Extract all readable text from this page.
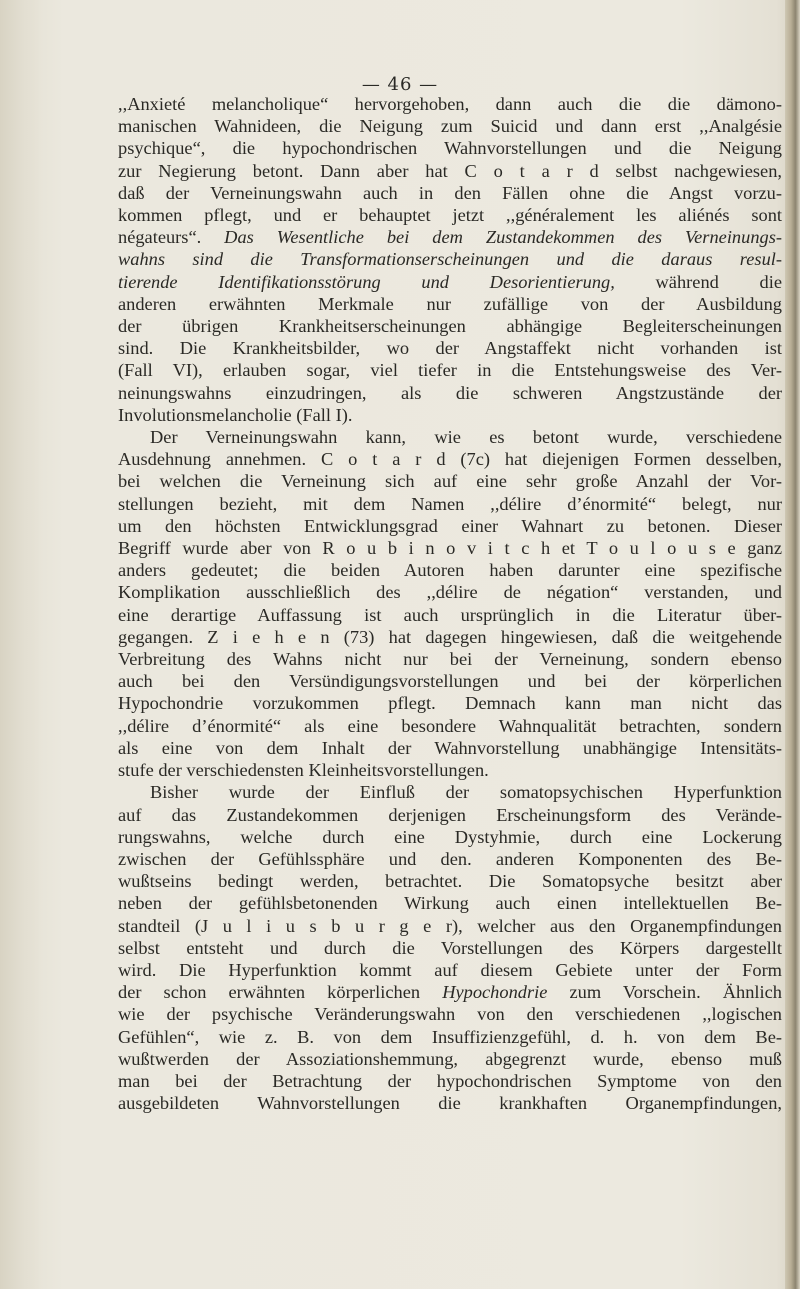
— 46 —
,,Anxieté melancholique“ hervorgehoben, dann auch die die dämono-
manischen Wahnideen, die Neigung zum Suicid und dann erst ,,Analgésie
psychique“, die hypochondrischen Wahnvorstellungen und die Neigung
zur Negierung betont. Dann aber hat C o t a r d selbst nachgewiesen,
daß der Verneinungswahn auch in den Fällen ohne die Angst vorzu-
kommen pflegt, und er behauptet jetzt ,,généralement les aliénés sont
négateurs“. Das Wesentliche bei dem Zustandekommen des Verneinungs-
wahns sind die Transformationserscheinungen und die daraus resul-
tierende Identifikationsstörung und Desorientierung, während die
anderen erwähnten Merkmale nur zufällige von der Ausbildung
der übrigen Krankheitserscheinungen abhängige Begleiterscheinungen
sind. Die Krankheitsbilder, wo der Angstaffekt nicht vorhanden ist
(Fall VI), erlauben sogar, viel tiefer in die Entstehungsweise des Ver-
neinungswahns einzudringen, als die schweren Angstzustände der
Involutionsmelancholie (Fall I).
Der Verneinungswahn kann, wie es betont wurde, verschiedene
Ausdehnung annehmen. C o t a r d (7c) hat diejenigen Formen desselben,
bei welchen die Verneinung sich auf eine sehr große Anzahl der Vor-
stellungen bezieht, mit dem Namen ,,délire d’énormité“ belegt, nur
um den höchsten Entwicklungsgrad einer Wahnart zu betonen. Dieser
Begriff wurde aber von R o u b i n o v i t c h et T o u l o u s e ganz
anders gedeutet; die beiden Autoren haben darunter eine spezifische
Komplikation ausschließlich des ,,délire de négation“ verstanden, und
eine derartige Auffassung ist auch ursprünglich in die Literatur über-
gegangen. Z i e h e n (73) hat dagegen hingewiesen, daß die weitgehende
Verbreitung des Wahns nicht nur bei der Verneinung, sondern ebenso
auch bei den Versündigungsvorstellungen und bei der körperlichen
Hypochondrie vorzukommen pflegt. Demnach kann man nicht das
,,délire d’énormité“ als eine besondere Wahnqualität betrachten, sondern
als eine von dem Inhalt der Wahnvorstellung unabhängige Intensitäts-
stufe der verschiedensten Kleinheitsvorstellungen.
Bisher wurde der Einfluß der somatopsychischen Hyperfunktion
auf das Zustandekommen derjenigen Erscheinungsform des Verände-
rungswahns, welche durch eine Dystyhmie, durch eine Lockerung
zwischen der Gefühlssphäre und den. anderen Komponenten des Be-
wußtseins bedingt werden, betrachtet. Die Somatopsyche besitzt aber
neben der gefühlsbetonenden Wirkung auch einen intellektuellen Be-
standteil (J u l i u s b u r g e r), welcher aus den Organempfindungen
selbst entsteht und durch die Vorstellungen des Körpers dargestellt
wird. Die Hyperfunktion kommt auf diesem Gebiete unter der Form
der schon erwähnten körperlichen Hypochondrie zum Vorschein. Ähnlich
wie der psychische Veränderungswahn von den verschiedenen ,,logischen
Gefühlen“, wie z. B. von dem Insuffizienzgefühl, d. h. von dem Be-
wußtwerden der Assoziationshemmung, abgegrenzt wurde, ebenso muß
man bei der Betrachtung der hypochondrischen Symptome von den
ausgebildeten Wahnvorstellungen die krankhaften Organempfindungen,
